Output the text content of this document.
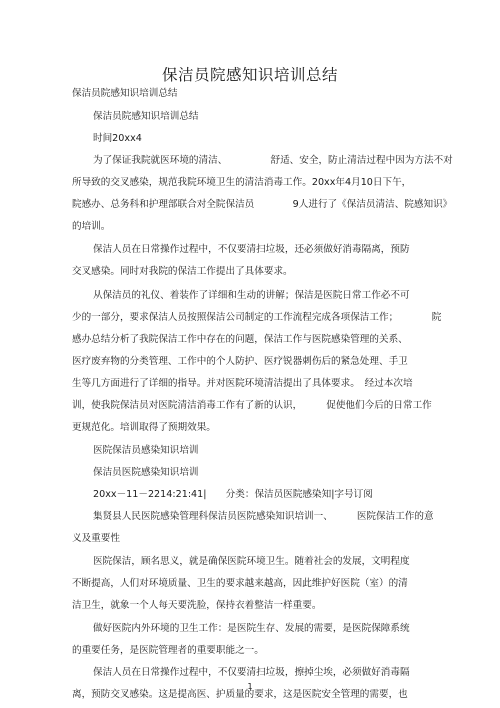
保洁员院感知识培训总结
保洁员院感知识培训总结
保洁员院感知识培训总结
时间20xx4
为了保证我院就医环境的清洁、　　　　　舒适、安全，防止清洁过程中因为方法不对
所导致的交叉感染，规范我院环境卫生的清洁消毒工作。20xx年4月10日下午，
院感办、总务科和护理部联合对全院保洁员　　　　9人进行了《保洁员清洁、院感知识》
的培训。
保洁人员在日常操作过程中，不仅要清扫垃圾，还必须做好消毒隔离，预防
交叉感染。同时对我院的保洁工作提出了具体要求。
从保洁员的礼仪、着装作了详细和生动的讲解；保洁是医院日常工作必不可
少的一部分，要求保洁人员按照保洁公司制定的工作流程完成各项保洁工作；　　　　院
感办总结分析了我院保洁工作中存在的问题，保洁工作与医院感染管理的关系、
医疗废弃物的分类管理、工作中的个人防护、医疗锐器刺伤后的紧急处理、手卫
生等几方面进行了详细的指导。并对医院环境清洁提出了具体要求。　经过本次培
训，使我院保洁员对医院清洁消毒工作有了新的认识，　　　促使他们今后的日常工作
更规范化。培训取得了预期效果。
医院保洁员感染知识培训
保洁员医院感染知识培训
20xx－11－2214:21:41|　　分类：保洁员医院感染知|字号订阅
集贤县人民医院感染管理科保洁员医院感染知识培训一、　　　医院保洁工作的意
义及重要性
医院保洁，顾名思义，就是确保医院环境卫生。随着社会的发展，文明程度
不断提高，人们对环境质量、卫生的要求越来越高，因此维护好医院（室）的清
洁卫生，就象一个人每天要洗脸，保持衣着整洁一样重要。
做好医院内外环境的卫生工作：是医院生存、发展的需要，是医院保障系统
的重要任务，是医院管理者的重要职能之一。
保洁人员在日常操作过程中，不仅要清扫垃圾，擦掉尘埃，必须做好消毒隔
离，预防交叉感染。这是提高医、护质量的要求，这是医院安全管理的需要，也
1
